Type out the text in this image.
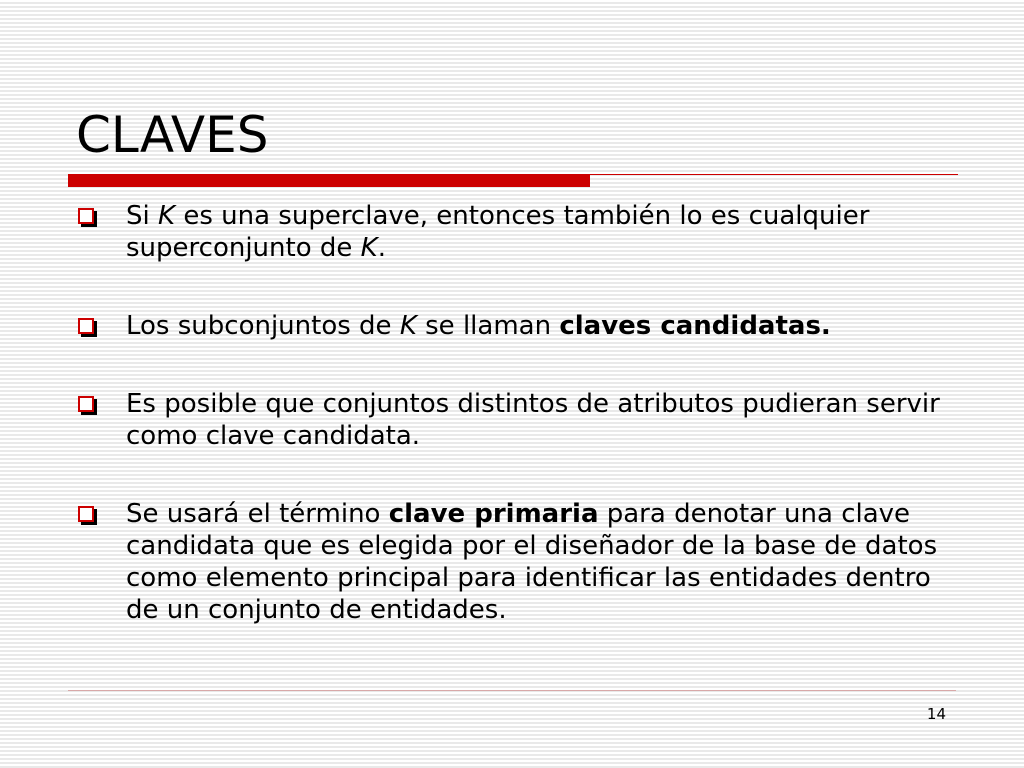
CLAVES
Si K es una superclave, entonces también lo es cualquier superconjunto de K.
Los subconjuntos de K se llaman claves candidatas.
Es posible que conjuntos distintos de atributos pudieran servir como clave candidata.
Se usará el término clave primaria para denotar una clave candidata que es elegida por el diseñador de la base de datos como elemento principal para identificar las entidades dentro de un conjunto de entidades.
14
